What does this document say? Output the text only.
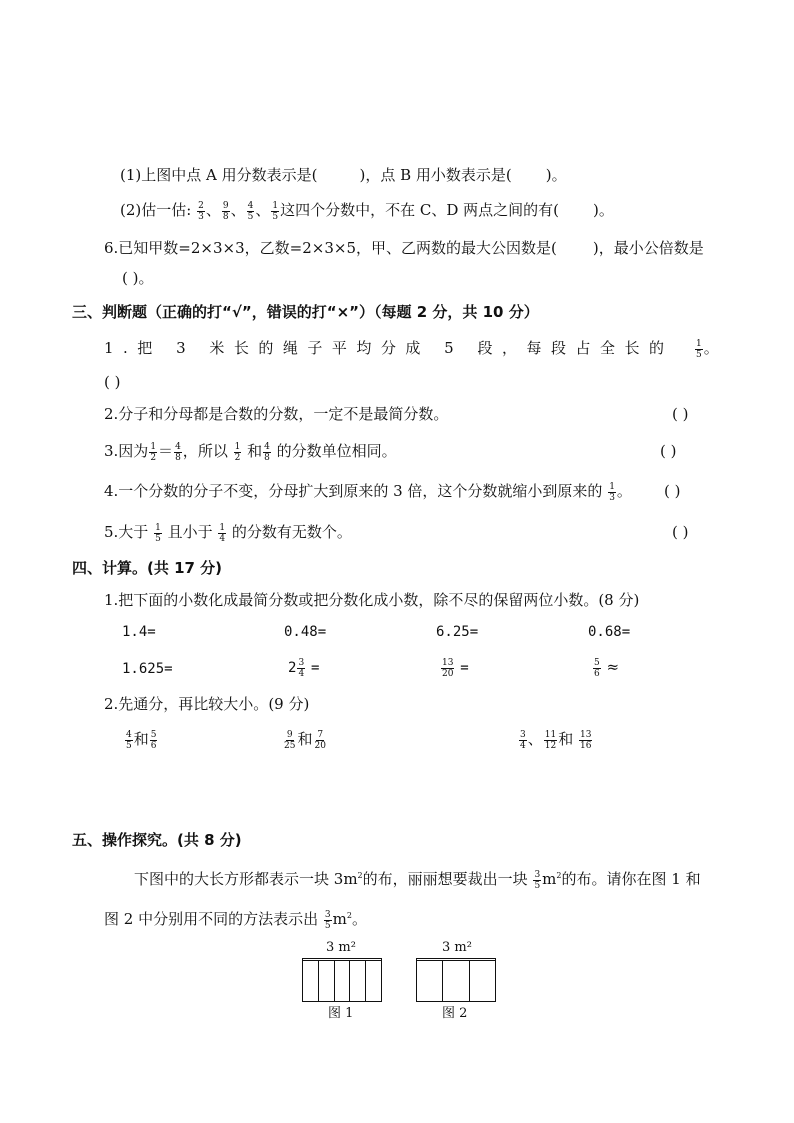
(1)上图中点 A 用分数表示是(	)，点 B 用小数表示是( )。
(2)估一估: $\frac{2}{3}$ 、 $\frac{9}{8}$ 、 $\frac{4}{5}$ 、 $\frac{1}{5}$ 这四个分数中，不在 C、D 两点之间的有( )。
6.已知甲数=2×3×3，乙数=2×3×5，甲、乙两数的最大公因数是( )，最小公倍数是
( )。
三、判断题（正确的打“√”，错误的打“×”）（每题 2 分，共 10 分）
1.把 3 米长的绳子平均分成 5 段，每段占全长的 $\frac{1}{5}$ 。
( )
2.分子和分母都是合数的分数，一定不是最简分数。	( )
3.因为 $\frac{1}{2} = \frac{4}{8}$ ，所以 $\frac{1}{2}$ 和 $\frac{4}{8}$ 的分数单位相同。	( )
4.一个分数的分子不变，分母扩大到原来的 3 倍，这个分数就缩小到原来的 $\frac{1}{3}$ 。 ( )
5.大于 $\frac{1}{5}$ 且小于 $\frac{1}{4}$ 的分数有无数个。	( )
四、计算。(共 17 分)
1.把下面的小数化成最简分数或把分数化成小数，除不尽的保留两位小数。(8 分)
1.4=	0.48=	6.25=	0.68=
1.625=	$2 \frac{3}{4}$ =	$\frac{13}{20}$ =	$\frac{5}{6}$ ≈
2.先通分，再比较大小。(9 分)
$\frac{4}{5}$ 和 $\frac{5}{6}$	$\frac{9}{25}$ 和 $\frac{7}{20}$	$\frac{3}{4}$ 、 $\frac{11}{12}$ 和 $\frac{13}{16}$
五、操作探究。(共 8 分)
下图中的大长方形都表示一块 $3m^2$的布，丽丽想要裁出一块 $\frac{3}{5} m^2$的布。请你在图 1 和
图 2 中分别用不同的方法表示出 $\frac{3}{5} m^2$。
3 m²
图 1
3 m²
图 2
